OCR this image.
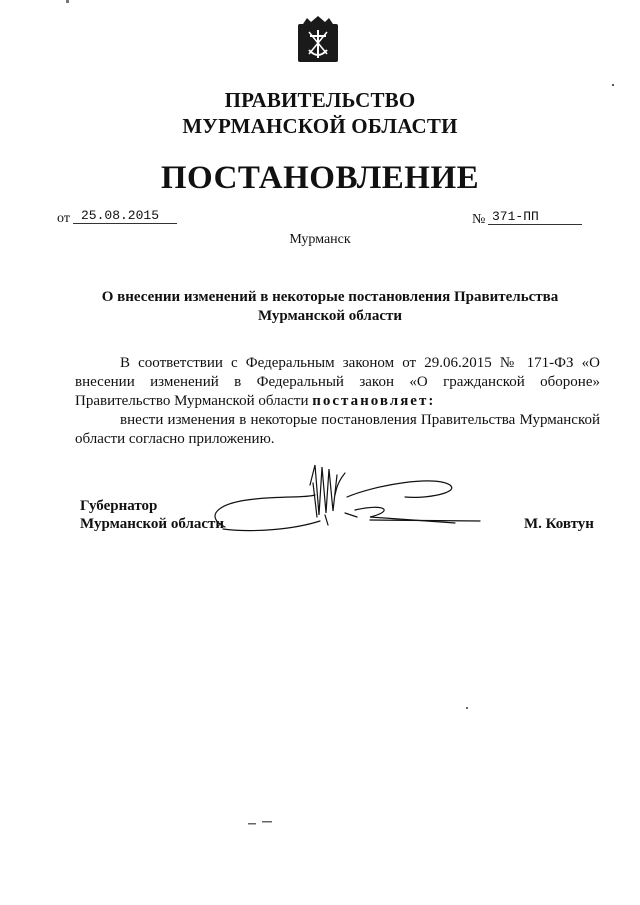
ПРАВИТЕЛЬСТВО
МУРМАНСКОЙ ОБЛАСТИ
ПОСТАНОВЛЕНИЕ
от 25.08.2015	№ 371-ПП
Мурманск
О внесении изменений в некоторые постановления Правительства
Мурманской области

В соответствии с Федеральным законом от 29.06.2015 № 171-ФЗ «О внесении изменений в Федеральный закон «О гражданской обороне» Правительство Мурманской области постановляет:

внести изменения в некоторые постановления Правительства Мурманской области согласно приложению.

Губернатор
Мурманской области	М. Ковтун
